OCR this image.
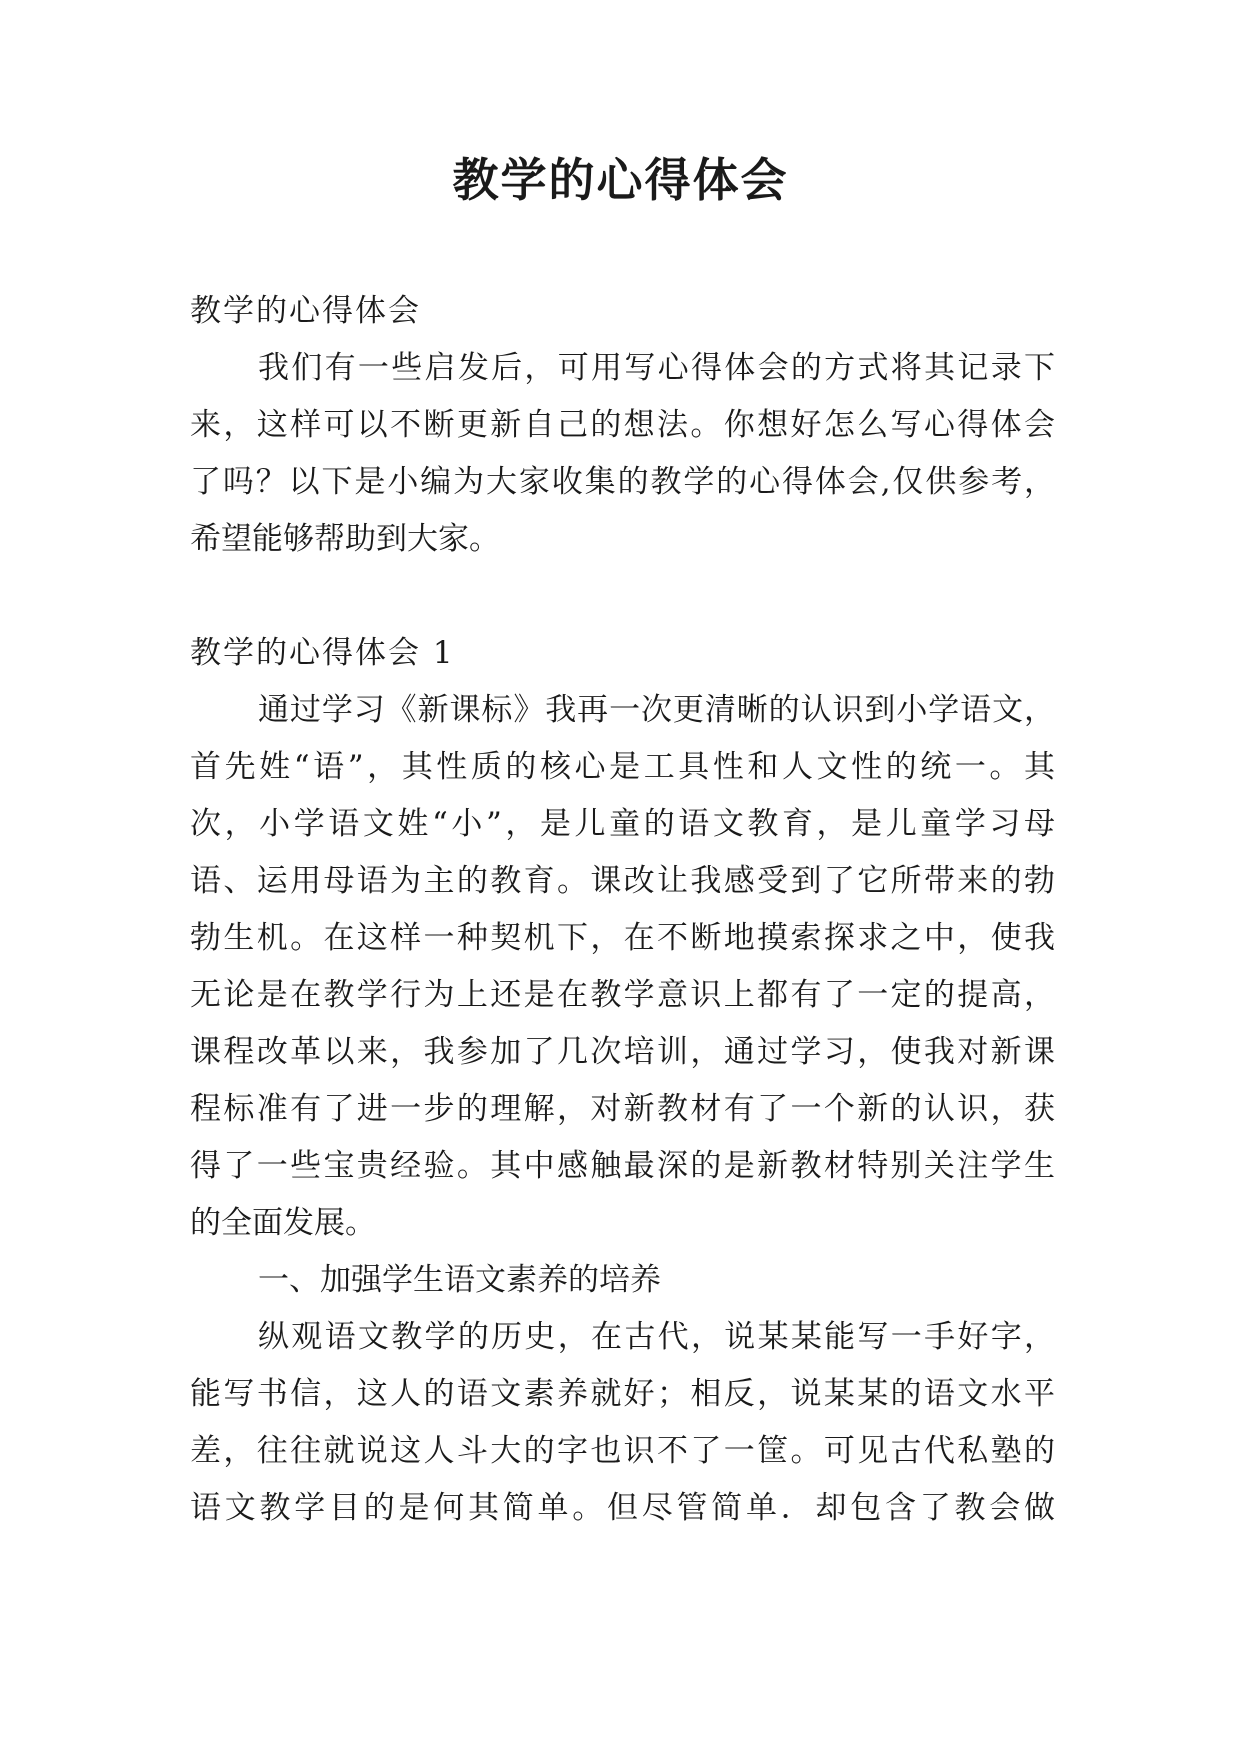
教学的心得体会

教学的心得体会

我们有一些启发后，可用写心得体会的方式将其记录下

来，这样可以不断更新自己的想法。你想好怎么写心得体会

了吗？以下是小编为大家收集的教学的心得体会,仅供参考，

希望能够帮助到大家。

教学的心得体会 1

通过学习《新课标》我再一次更清晰的认识到小学语文，

首先姓“语”，其性质的核心是工具性和人文性的统一。其

次，小学语文姓“小”，是儿童的语文教育，是儿童学习母

语、运用母语为主的教育。课改让我感受到了它所带来的勃

勃生机。在这样一种契机下，在不断地摸索探求之中，使我

无论是在教学行为上还是在教学意识上都有了一定的提高，

课程改革以来，我参加了几次培训，通过学习，使我对新课

程标准有了进一步的理解，对新教材有了一个新的认识，获

得了一些宝贵经验。其中感触最深的是新教材特别关注学生

的全面发展。

一、加强学生语文素养的培养

纵观语文教学的历史，在古代，说某某能写一手好字，

能写书信，这人的语文素养就好；相反，说某某的语文水平

差，往往就说这人斗大的字也识不了一筐。可见古代私塾的

语文教学目的是何其简单。但尽管简单．却包含了教会做
